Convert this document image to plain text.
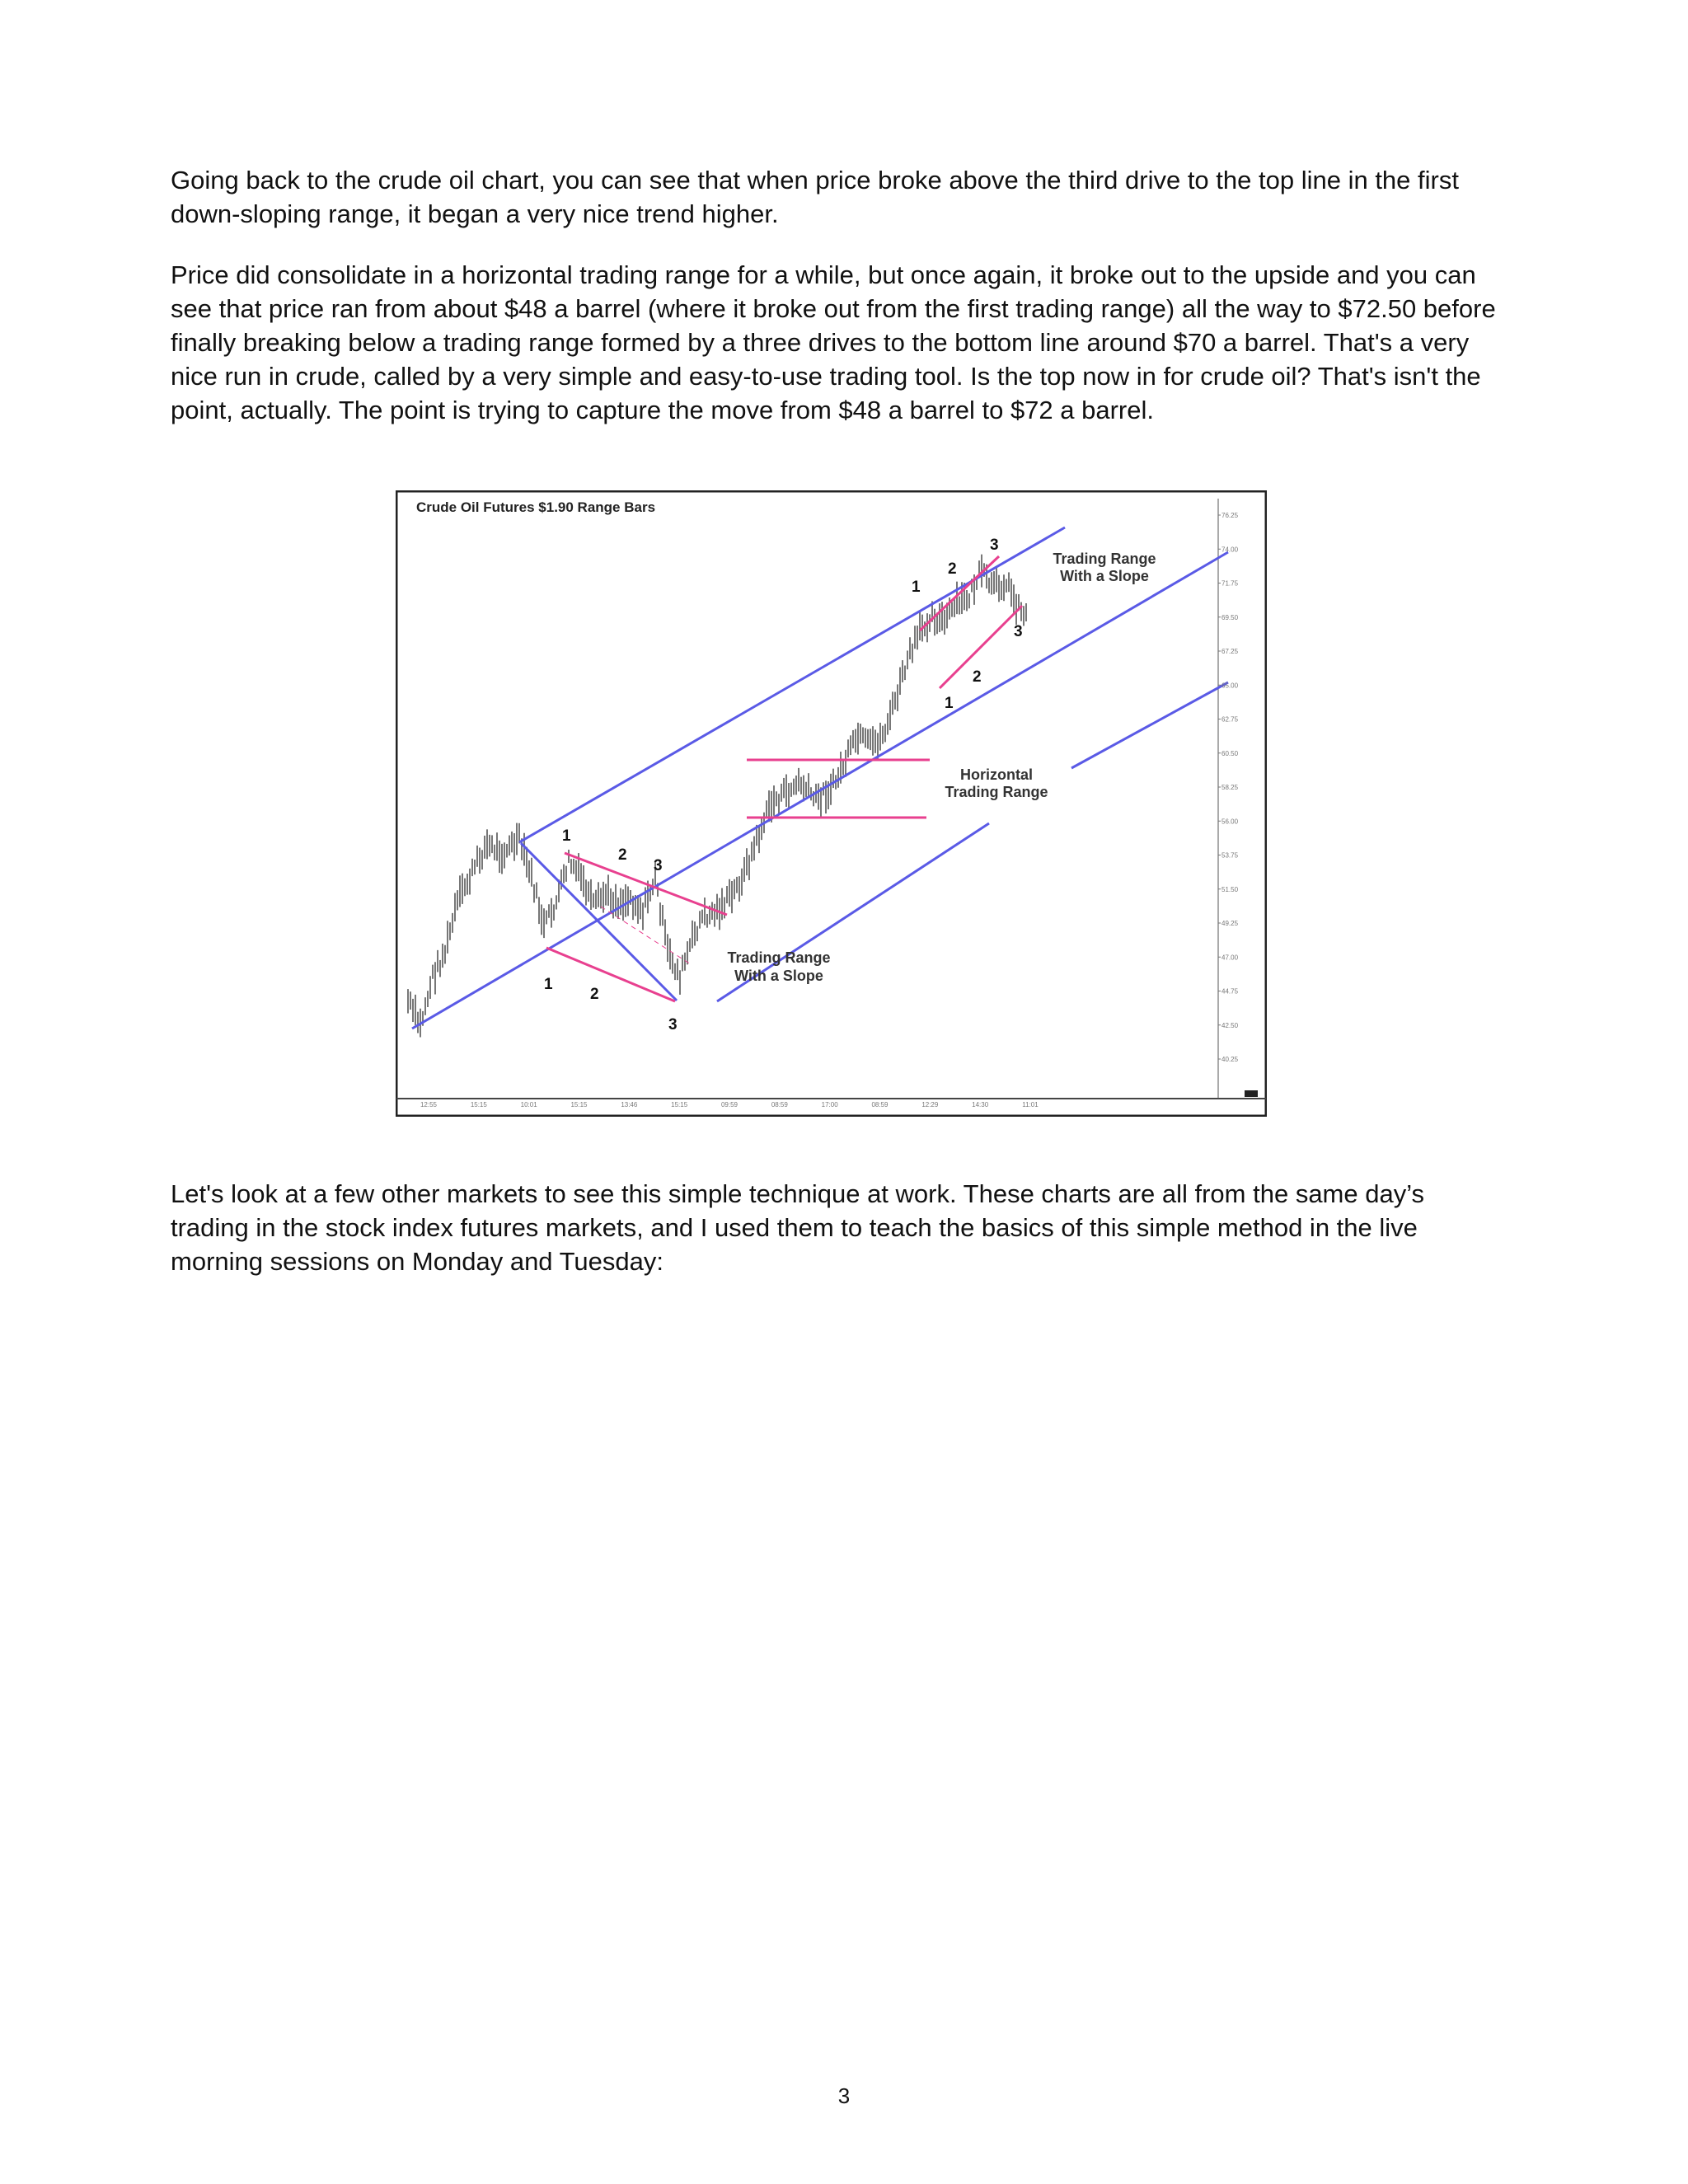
Going back to the crude oil chart, you can see that when price broke above the third drive to the top line in the first down-sloping range, it began a very nice trend higher.

Price did consolidate in a horizontal trading range for a while, but once again, it broke out to the upside and you can see that price ran from about $48 a barrel (where it broke out from the first trading range) all the way to $72.50 before finally breaking below a trading range formed by a three drives to the bottom line around $70 a barrel. That's a very nice run in crude, called by a very simple and easy-to-use trading tool. Is the top now in for crude oil? That's isn't the point, actually. The point is trying to capture the move from $48 a barrel to $72 a barrel.

Crude Oil Futures $1.90 Range Bars
1
2
3
1
2
3
1
2
3
1
2
3
Trading Range
With a Slope
Horizontal
Trading Range
Trading Range
With a Slope
76.25
74.00
71.75
69.50
67.25
65.00
62.75
60.50
58.25
56.00
53.75
51.50
49.25
47.00
44.75
42.50
40.25
12:55	15:15	10:01	15:15	13:46	15:15	09:59	08:59	17:00	08:59	12:29	14:30	11:01

Let's look at a few other markets to see this simple technique at work. These charts are all from the same day’s trading in the stock index futures markets, and I used them to teach the basics of this simple method in the live morning sessions on Monday and Tuesday:

3
